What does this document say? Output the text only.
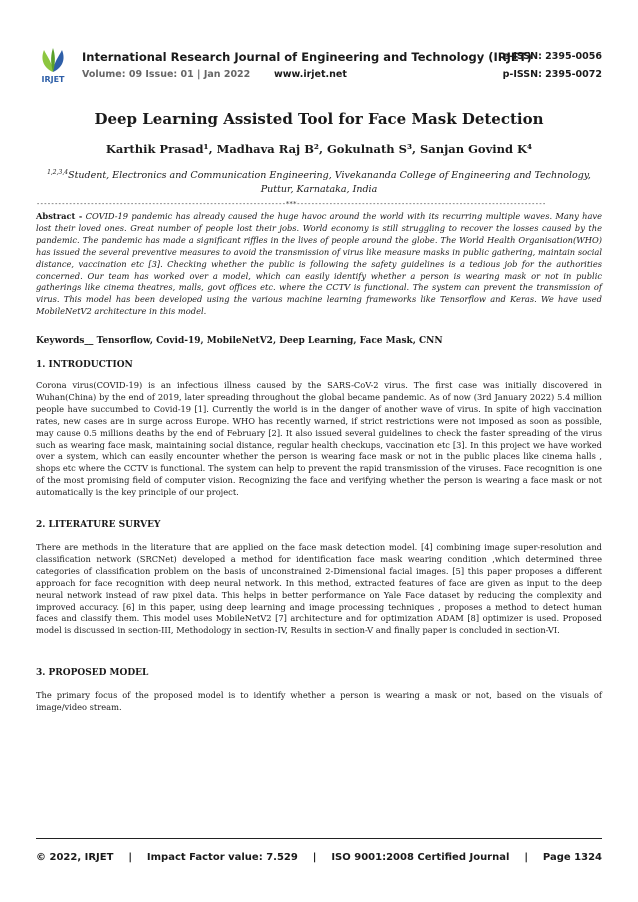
IRJET
International Research Journal of Engineering and Technology (IRJET)
Volume: 09 Issue: 01 | Jan 2022 www.irjet.net
e-ISSN: 2395-0056
p-ISSN: 2395-0072
Deep Learning Assisted Tool for Face Mask Detection
Karthik Prasad¹, Madhava Raj B², Gokulnath S³, Sanjan Govind K⁴
$^{1,2,3,4}$Student, Electronics and Communication Engineering, Vivekananda College of Engineering and Technology, Puttur, Karnataka, India
---------------------------------------------------------------------***---------------------------------------------------------------------
Abstract - COVID-19 pandemic has already caused the huge havoc around the world with its recurring multiple waves. Many have lost their loved ones. Great number of people lost their jobs. World economy is still struggling to recover the losses caused by the pandemic. The pandemic has made a significant riffles in the lives of people around the globe. The World Health Organisation(WHO) has issued the several preventive measures to avoid the transmission of virus like measure masks in public gathering, maintain social distance, vaccination etc [3]. Checking whether the public is following the safety guidelines is a tedious job for the authorities concerned. Our team has worked over a model, which can easily identify whether a person is wearing mask or not in public gatherings like cinema theatres, malls, govt offices etc. where the CCTV is functional. The system can prevent the transmission of virus. This model has been developed using the various machine learning frameworks like Tensorflow and Keras. We have used MobileNetV2 architecture in this model.
Keywords__ Tensorflow, Covid-19, MobileNetV2, Deep Learning, Face Mask, CNN
1. INTRODUCTION
Corona virus(COVID-19) is an infectious illness caused by the SARS-CoV-2 virus. The first case was initially discovered in Wuhan(China) by the end of 2019, later spreading throughout the global became pandemic. As of now (3rd January 2022) 5.4 million people have succumbed to Covid-19 [1]. Currently the world is in the danger of another wave of virus. In spite of high vaccination rates, new cases are in surge across Europe. WHO has recently warned, if strict restrictions were not imposed as soon as possible, may cause 0.5 millions deaths by the end of February [2]. It also issued several guidelines to check the faster spreading of the virus such as wearing face mask, maintaining social distance, regular health checkups, vaccination etc [3]. In this project we have worked over a system, which can easily encounter whether the person is wearing face mask or not in the public places like cinema halls , shops etc where the CCTV is functional. The system can help to prevent the rapid transmission of the viruses. Face recognition is one of the most promising field of computer vision. Recognizing the face and verifying whether the person is wearing a face mask or not automatically is the key principle of our project.
2. LITERATURE SURVEY
There are methods in the literature that are applied on the face mask detection model. [4] combining image super-resolution and classification network (SRCNet) developed a method for identification face mask wearing condition ,which determined three categories of classification problem on the basis of unconstrained 2-Dimensional facial images. [5] this paper proposes a different approach for face recognition with deep neural network. In this method, extracted features of face are given as input to the deep neural network instead of raw pixel data. This helps in better performance on Yale Face dataset by reducing the complexity and improved accuracy. [6] in this paper, using deep learning and image processing techniques , proposes a method to detect human faces and classify them. This model uses MobileNetV2 [7] architecture and for optimization ADAM [8] optimizer is used. Proposed model is discussed in section-III, Methodology in section-IV, Results in section-V and finally paper is concluded in section-VI.
3. PROPOSED MODEL
The primary focus of the proposed model is to identify whether a person is wearing a mask or not, based on the visuals of image/video stream.
© 2022, IRJET | Impact Factor value: 7.529 | ISO 9001:2008 Certified Journal | Page 1324
